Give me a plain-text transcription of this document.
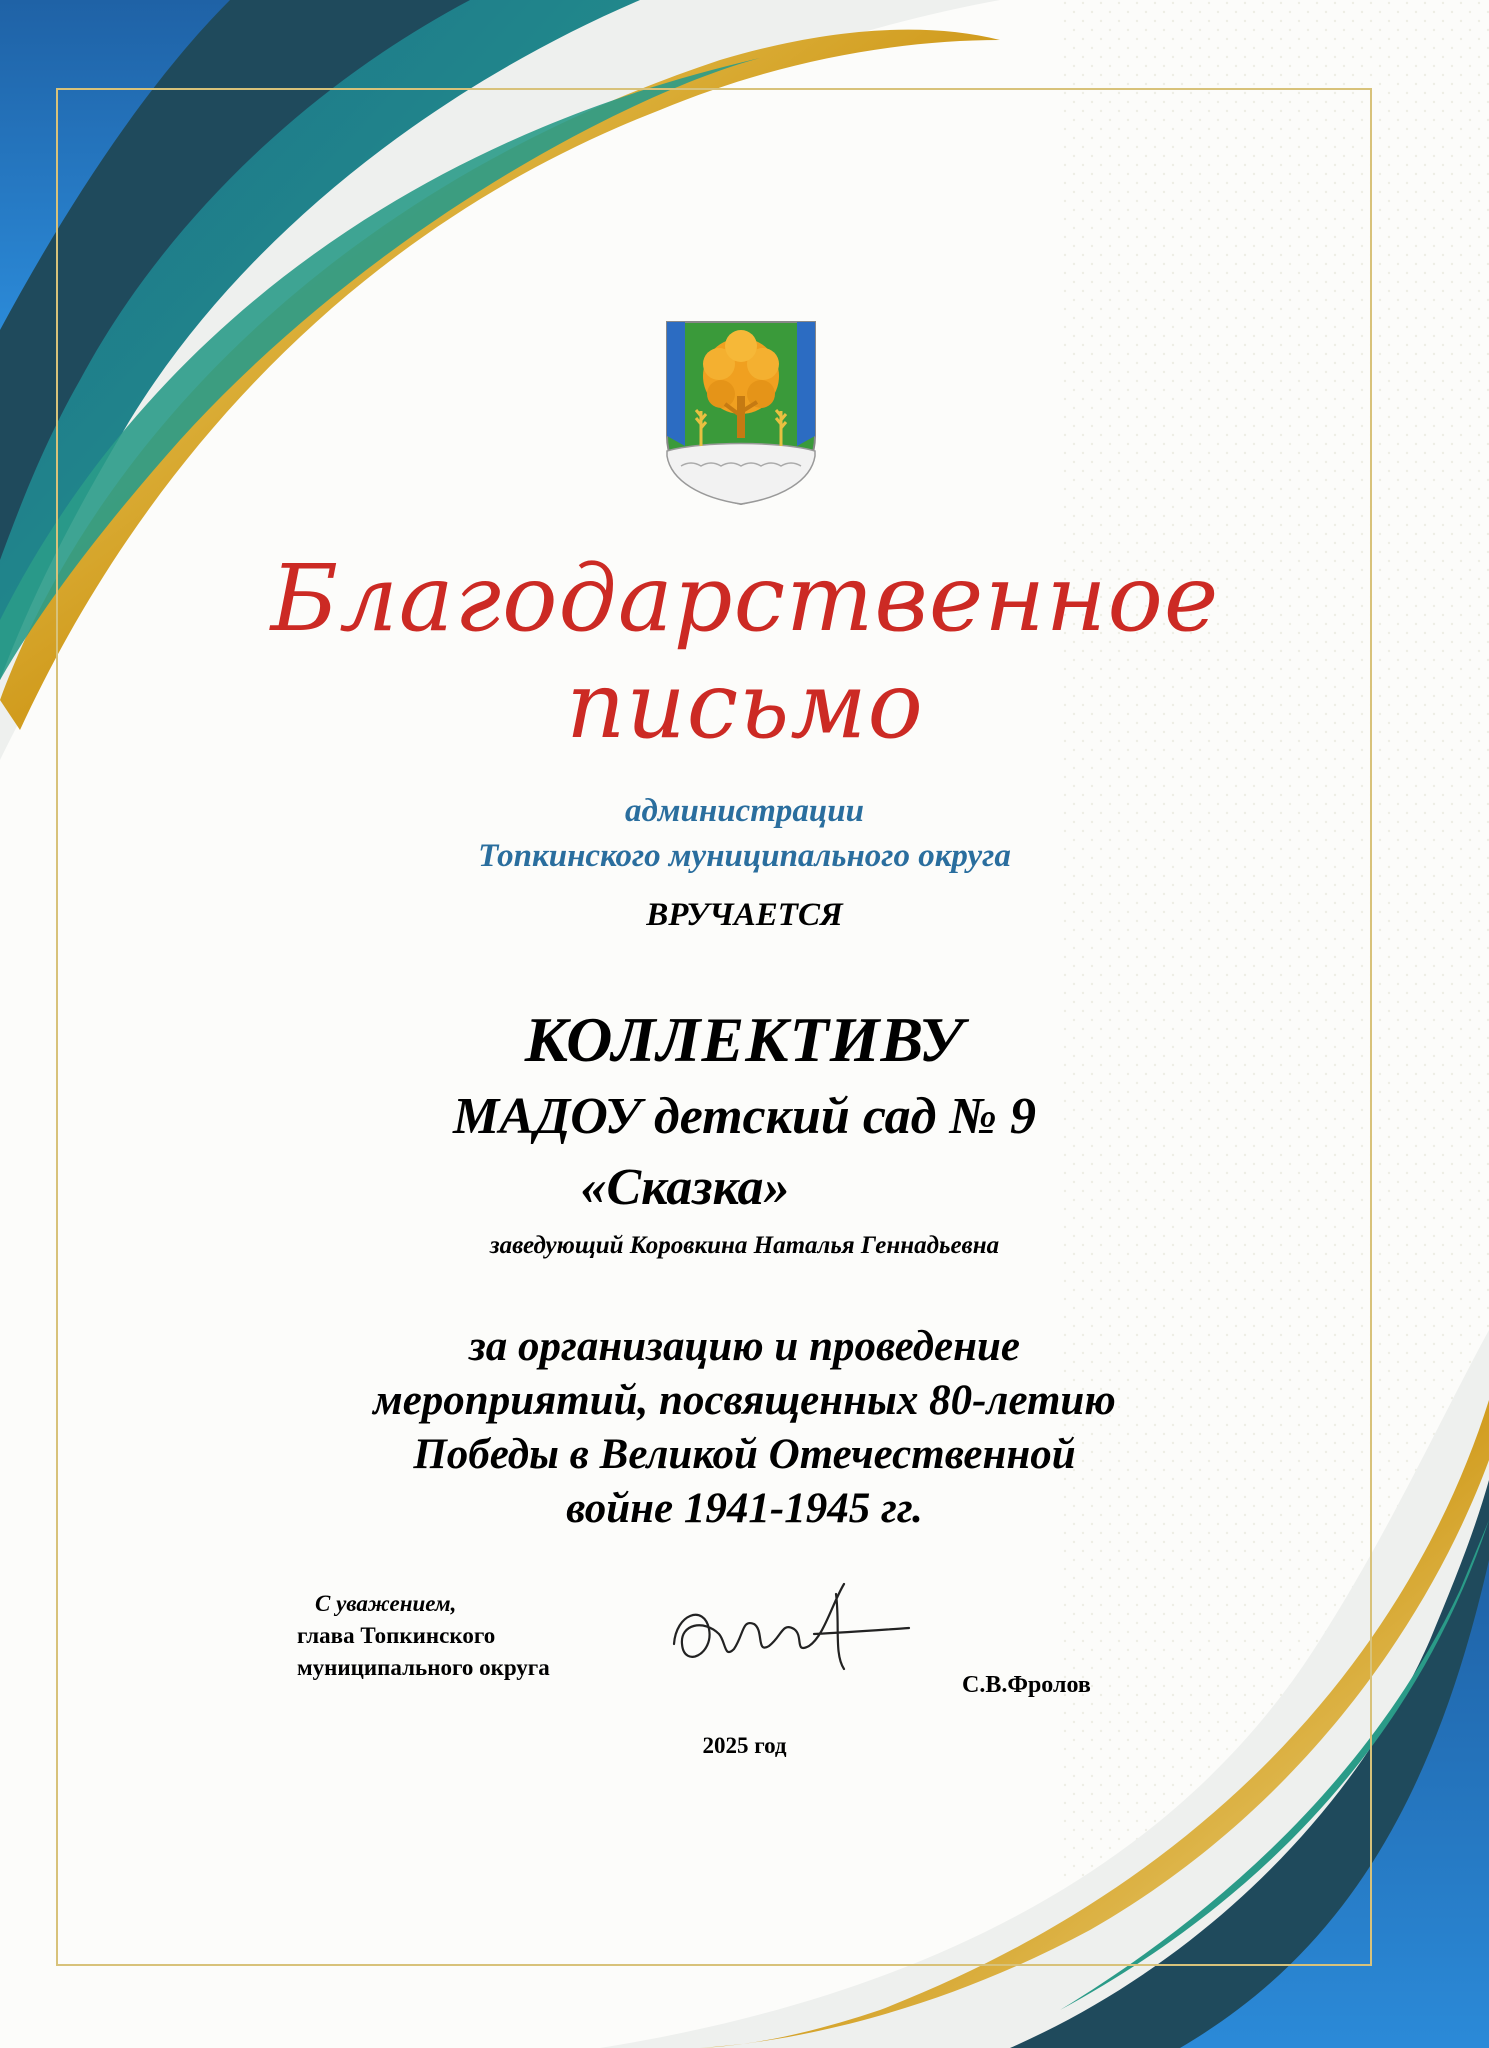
Благодарственное
письмо
администрации
Топкинского муниципального округа
ВРУЧАЕТСЯ
КОЛЛЕКТИВУ
МАДОУ детский сад № 9
«Сказка»
заведующий Коровкина Наталья Геннадьевна
за организацию и проведение
мероприятий, посвященных 80-летию
Победы в Великой Отечественной
войне 1941-1945 гг.
С уважением,
глава Топкинского
муниципального округа
С.В.Фролов
2025 год
